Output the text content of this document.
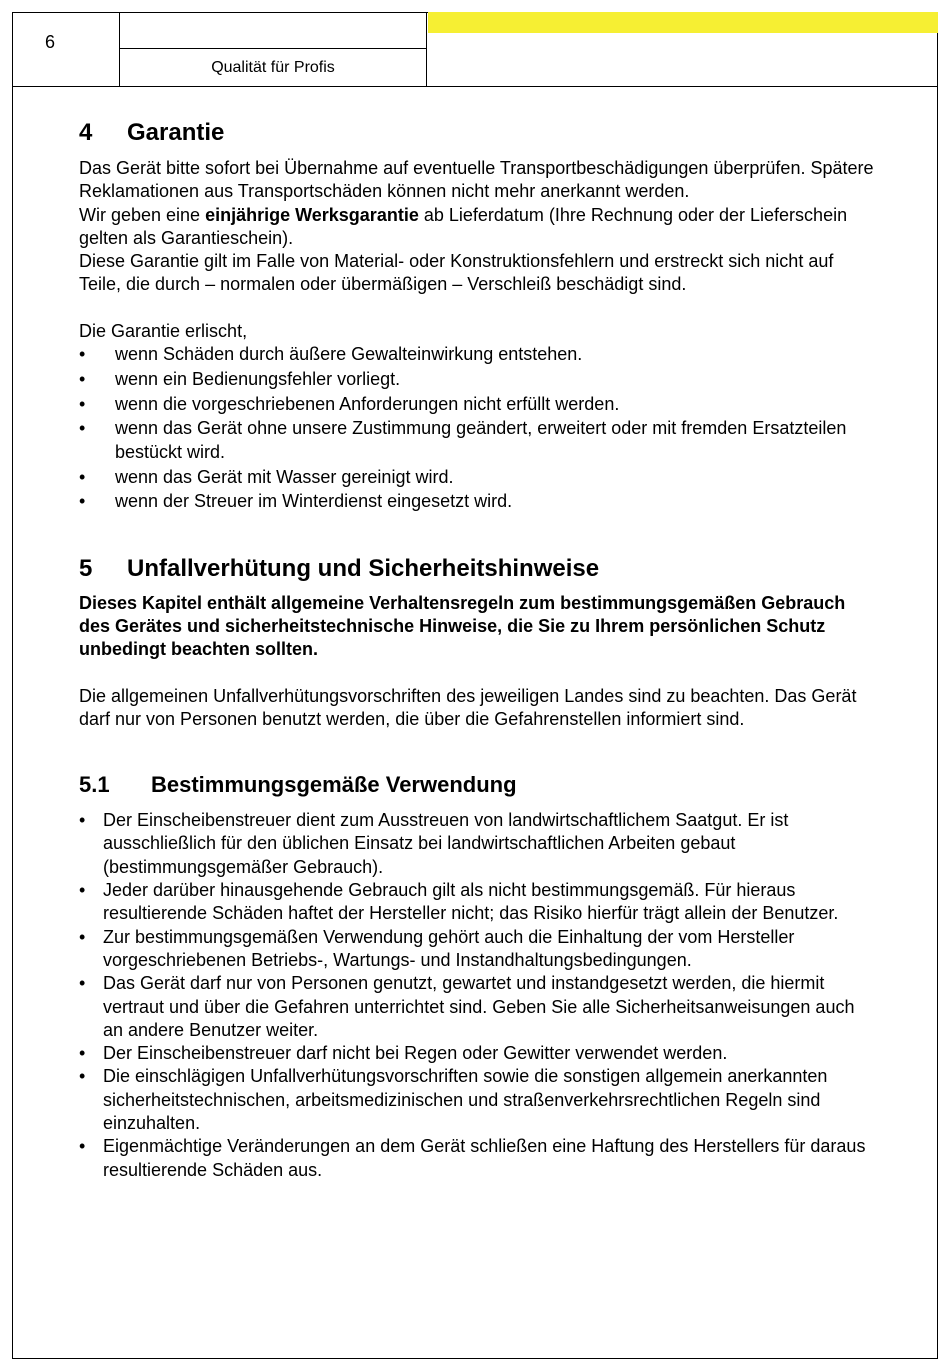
6
Qualität für Profis
4 Garantie

Das Gerät bitte sofort bei Übernahme auf eventuelle Transportbeschädigungen überprüfen. Spätere Reklamationen aus Transportschäden können nicht mehr anerkannt werden.

Wir geben eine einjährige Werksgarantie ab Lieferdatum (Ihre Rechnung oder der Lieferschein gelten als Garantieschein).

Diese Garantie gilt im Falle von Material- oder Konstruktionsfehlern und erstreckt sich nicht auf Teile, die durch – normalen oder übermäßigen – Verschleiß beschädigt sind.

Die Garantie erlischt,

• wenn Schäden durch äußere Gewalteinwirkung entstehen.
• wenn ein Bedienungsfehler vorliegt.
• wenn die vorgeschriebenen Anforderungen nicht erfüllt werden.
• wenn das Gerät ohne unsere Zustimmung geändert, erweitert oder mit fremden Ersatzteilen bestückt wird.
• wenn das Gerät mit Wasser gereinigt wird.
• wenn der Streuer im Winterdienst eingesetzt wird.
5 Unfallverhütung und Sicherheitshinweise

Dieses Kapitel enthält allgemeine Verhaltensregeln zum bestimmungsgemäßen Gebrauch des Gerätes und sicherheitstechnische Hinweise, die Sie zu Ihrem persönlichen Schutz unbedingt beachten sollten.

Die allgemeinen Unfallverhütungsvorschriften des jeweiligen Landes sind zu beachten. Das Gerät darf nur von Personen benutzt werden, die über die Gefahrenstellen informiert sind.

5.1 Bestimmungsgemäße Verwendung
• Der Einscheibenstreuer dient zum Ausstreuen von landwirtschaftlichem Saatgut. Er ist ausschließlich für den üblichen Einsatz bei landwirtschaftlichen Arbeiten gebaut (bestimmungsgemäßer Gebrauch).
• Jeder darüber hinausgehende Gebrauch gilt als nicht bestimmungsgemäß. Für hieraus resultierende Schäden haftet der Hersteller nicht; das Risiko hierfür trägt allein der Benutzer.
• Zur bestimmungsgemäßen Verwendung gehört auch die Einhaltung der vom Hersteller vorgeschriebenen Betriebs-, Wartungs- und Instandhaltungsbedingungen.
• Das Gerät darf nur von Personen genutzt, gewartet und instandgesetzt werden, die hiermit vertraut und über die Gefahren unterrichtet sind. Geben Sie alle Sicherheitsanweisungen auch an andere Benutzer weiter.
• Der Einscheibenstreuer darf nicht bei Regen oder Gewitter verwendet werden.
• Die einschlägigen Unfallverhütungsvorschriften sowie die sonstigen allgemein anerkannten sicherheitstechnischen, arbeitsmedizinischen und straßenverkehrsrechtlichen Regeln sind einzuhalten.
• Eigenmächtige Veränderungen an dem Gerät schließen eine Haftung des Herstellers für daraus resultierende Schäden aus.
